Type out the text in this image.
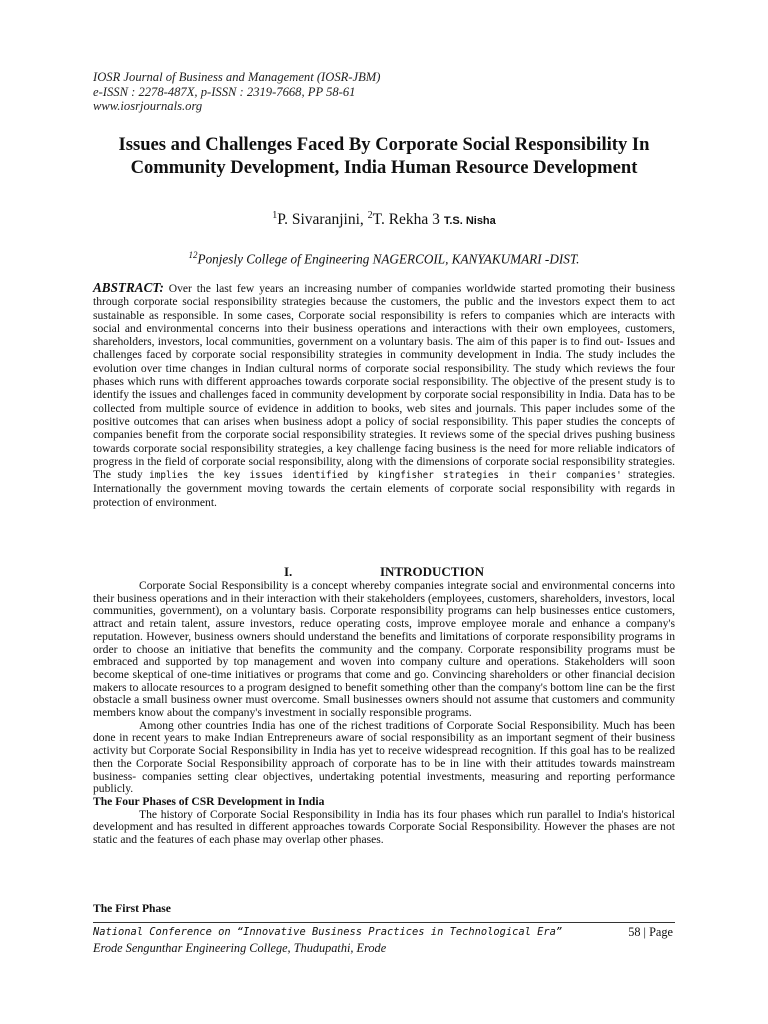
IOSR Journal of Business and Management (IOSR-JBM)
e-ISSN : 2278-487X, p-ISSN : 2319-7668, PP 58-61
www.iosrjournals.org
Issues and Challenges Faced By Corporate Social Responsibility In Community Development, India Human Resource Development
$^1$P. Sivaranjini, $^2$T. Rekha 3 T.S. Nisha
$^{12}$Ponjesly College of Engineering NAGERCOIL, KANYAKUMARI -DIST.
ABSTRACT: Over the last few years an increasing number of companies worldwide started promoting their business through corporate social responsibility strategies because the customers, the public and the investors expect them to act sustainable as responsible. In some cases, Corporate social responsibility is refers to companies which are interacts with social and environmental concerns into their business operations and interactions with their own employees, customers, shareholders, investors, local communities, government on a voluntary basis. The aim of this paper is to find out- Issues and challenges faced by corporate social responsibility strategies in community development in India. The study includes the evolution over time changes in Indian cultural norms of corporate social responsibility. The study which reviews the four phases which runs with different approaches towards corporate social responsibility. The objective of the present study is to identify the issues and challenges faced in community development by corporate social responsibility in India. Data has to be collected from multiple source of evidence in addition to books, web sites and journals. This paper includes some of the positive outcomes that can arises when business adopt a policy of social responsibility. This paper studies the concepts of companies benefit from the corporate social responsibility strategies. It reviews some of the special drives pushing business towards corporate social responsibility strategies, a key challenge facing business is the need for more reliable indicators of progress in the field of corporate social responsibility, along with the dimensions of corporate social responsibility strategies. The study implies the key issues identified by kingfisher strategies in their companies' strategies. Internationally the government moving towards the certain elements of corporate social responsibility with regards in protection of environment.
I.	INTRODUCTION

Corporate Social Responsibility is a concept whereby companies integrate social and environmental concerns into their business operations and in their interaction with their stakeholders (employees, customers, shareholders, investors, local communities, government), on a voluntary basis. Corporate responsibility programs can help businesses entice customers, attract and retain talent, assure investors, reduce operating costs, improve employee morale and enhance a company's reputation. However, business owners should understand the benefits and limitations of corporate responsibility programs in order to choose an initiative that benefits the community and the company. Corporate responsibility programs must be embraced and supported by top management and woven into company culture and operations. Stakeholders will soon become skeptical of one-time initiatives or programs that come and go. Convincing shareholders or other financial decision makers to allocate resources to a program designed to benefit something other than the company's bottom line can be the first obstacle a small business owner must overcome. Small businesses owners should not assume that customers and community members know about the company's investment in socially responsible programs.

Among other countries India has one of the richest traditions of Corporate Social Responsibility. Much has been done in recent years to make Indian Entrepreneurs aware of social responsibility as an important segment of their business activity but Corporate Social Responsibility in India has yet to receive widespread recognition. If this goal has to be realized then the Corporate Social Responsibility approach of corporate has to be in line with their attitudes towards mainstream business- companies setting clear objectives, undertaking potential investments, measuring and reporting performance publicly.

The Four Phases of CSR Development in India

The history of Corporate Social Responsibility in India has its four phases which run parallel to India's historical development and has resulted in different approaches towards Corporate Social Responsibility. However the phases are not static and the features of each phase may overlap other phases.

The First Phase
National Conference on “Innovative Business Practices in Technological Era”
Erode Sengunthar Engineering College, Thudupathi, Erode
58 | Page
